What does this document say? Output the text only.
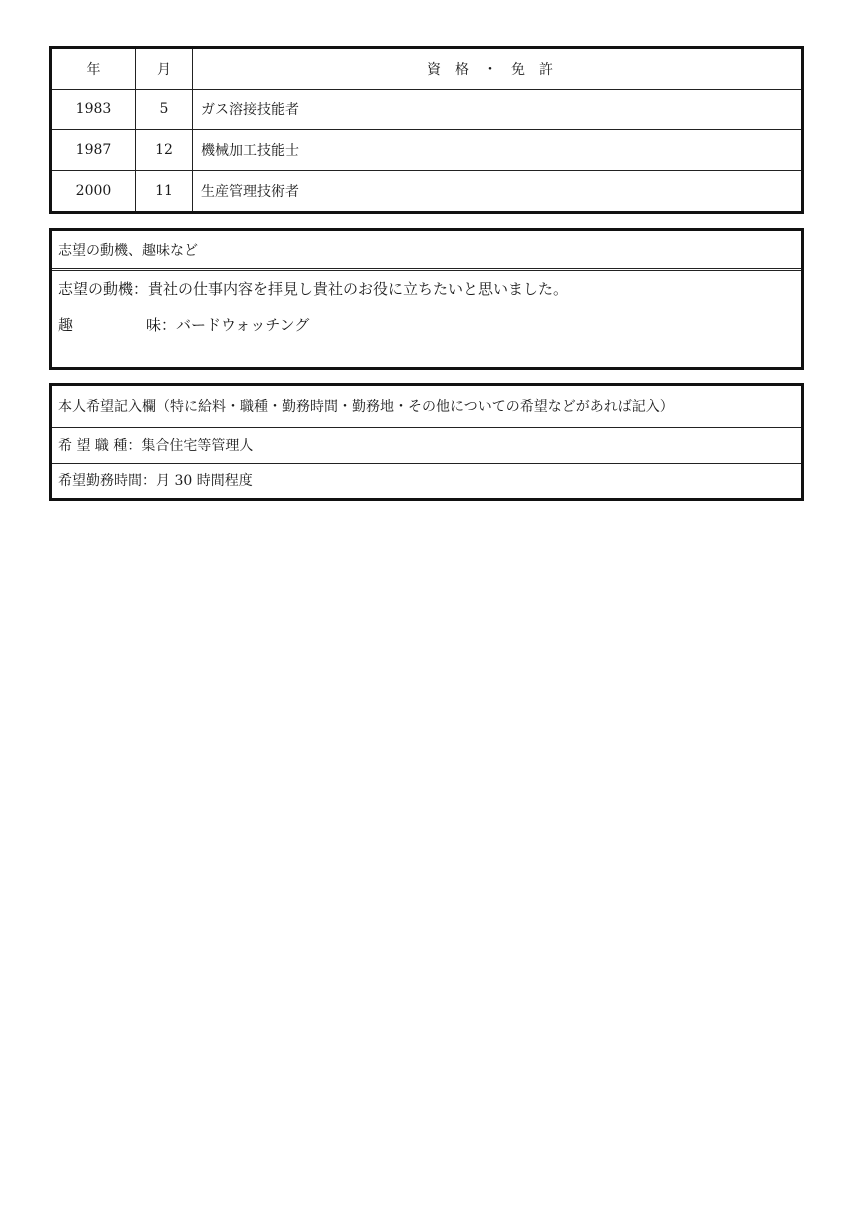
年	月	資格・免許
1983	5	ガス溶接技能者
1987	12	機械加工技能士
2000	11	生産管理技術者
志望の動機、趣味など
志望の動機：貴社の仕事内容を拝見し貴社のお役に立ちたいと思いました。
趣	味：バードウォッチング
本人希望記入欄（特に給料・職種・勤務時間・勤務地・その他についての希望などがあれば記入）
希 望 職 種：集合住宅等管理人
希望勤務時間：月 30 時間程度
